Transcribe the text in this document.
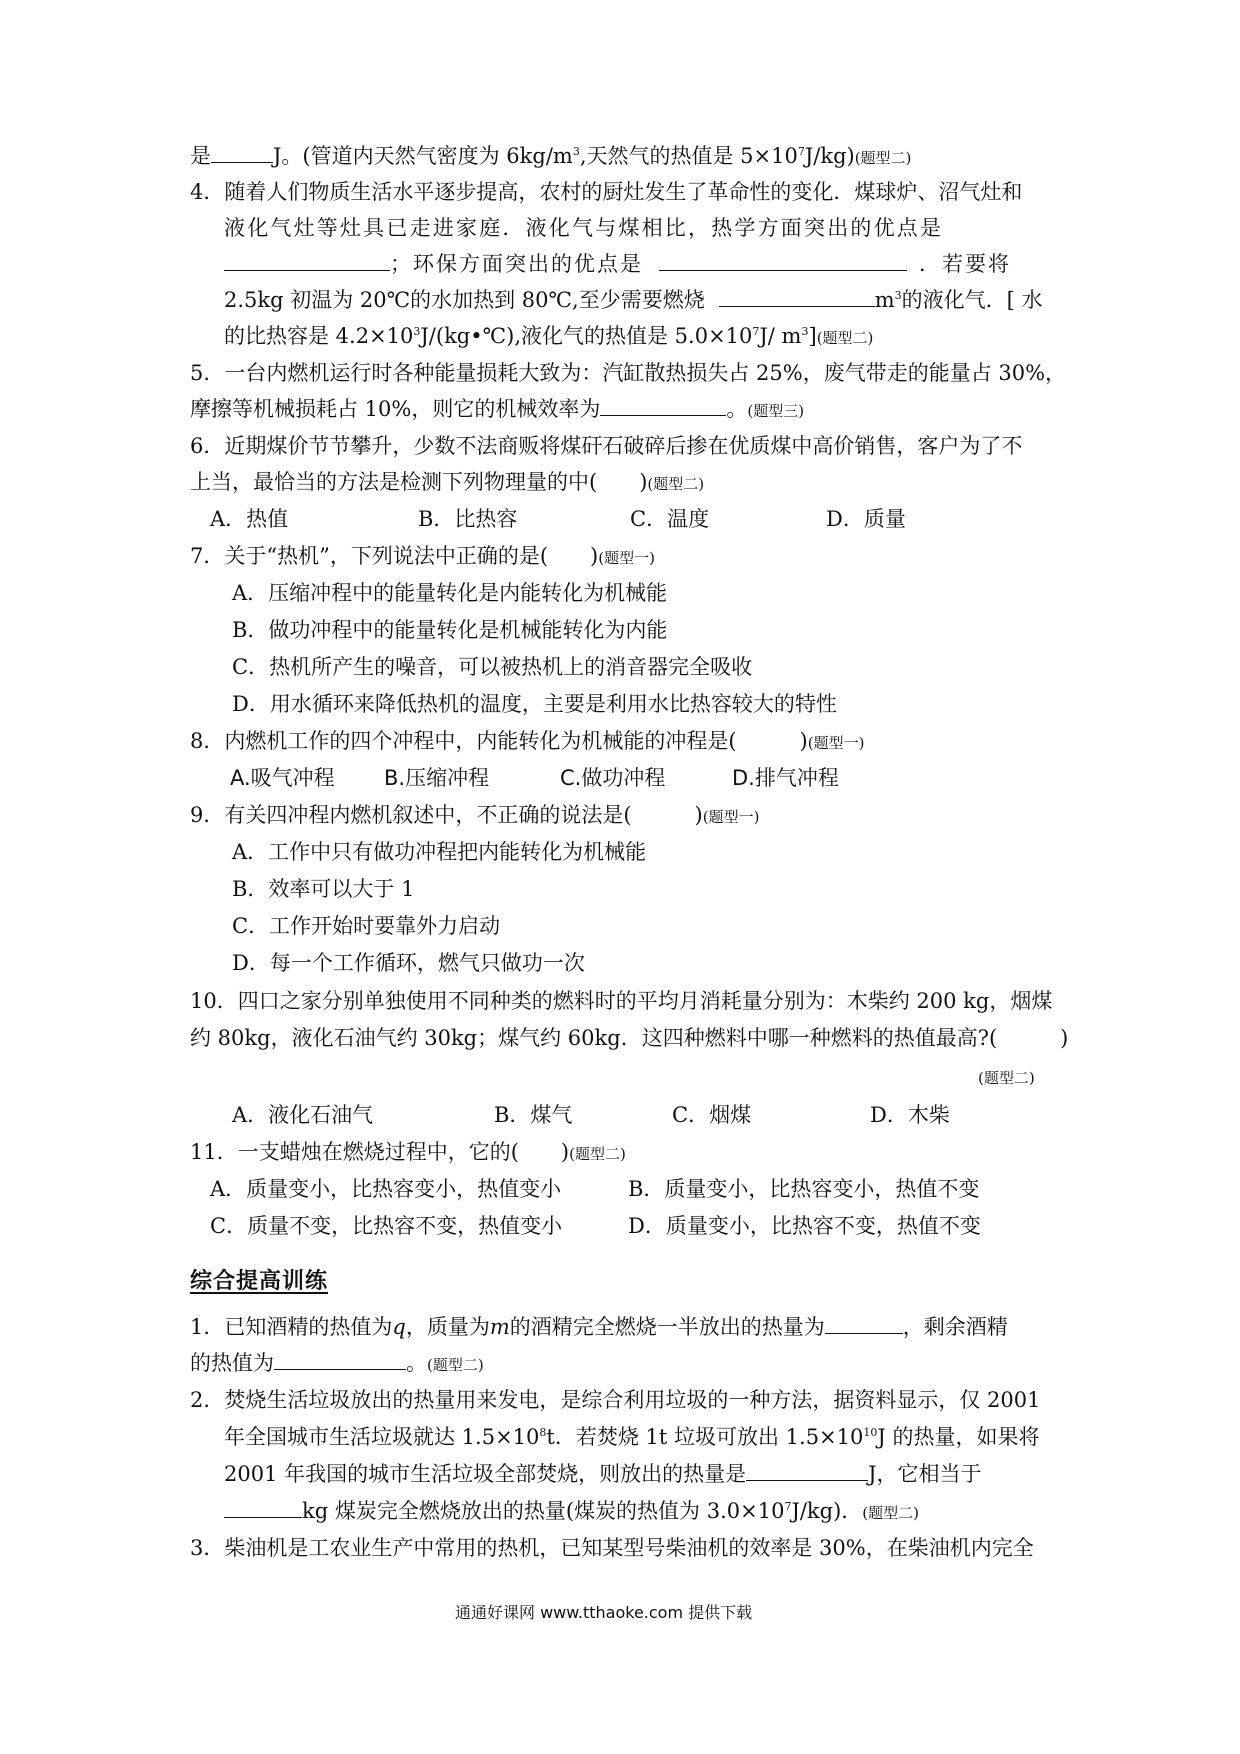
是	J。(管道内天然气密度为 $6kg/m^3$,天然气的热值是 $5\times 10^7J/kg$)(题型二)
4．随着人们物质生活水平逐步提高，农村的厨灶发生了革命性的变化．煤球炉、沼气灶和
液化气灶等灶具已走进家庭．液化气与煤相比，热学方面突出的优点是
；环保方面突出的优点是	．若要将
2.5kg 初温为 20℃的水加热到 80℃,至少需要燃烧	$m^3$的液化气．[ 水
的比热容是 $4.2\times 10^3J/(kg•℃)$,液化气的热值是 $5.0\times 10^7J/$ $m^3$](题型二)
5．一台内燃机运行时各种能量损耗大致为：汽缸散热损失占 25%，废气带走的能量占 30%，
摩擦等机械损耗占 10%，则它的机械效率为	。(题型三)
6．近期煤价节节攀升，少数不法商贩将煤矸石破碎后掺在优质煤中高价销售，客户为了不
上当，最恰当的方法是检测下列物理量的中(　　)(题型二)
A．热值	B．比热容	C．温度	D．质量
7．关于“热机”，下列说法中正确的是(　　)(题型一)
A．压缩冲程中的能量转化是内能转化为机械能
B．做功冲程中的能量转化是机械能转化为内能
C．热机所产生的噪音，可以被热机上的消音器完全吸收
D．用水循环来降低热机的温度，主要是利用水比热容较大的特性
8．内燃机工作的四个冲程中，内能转化为机械能的冲程是(　　　)(题型一)
A.吸气冲程 B.压缩冲程	C.做功冲程	D.排气冲程
9．有关四冲程内燃机叙述中，不正确的说法是(　　　)(题型一)
A．工作中只有做功冲程把内能转化为机械能
B．效率可以大于 1
C．工作开始时要靠外力启动
D．每一个工作循环，燃气只做功一次
10．四口之家分别单独使用不同种类的燃料时的平均月消耗量分别为：木柴约 200 kg，烟煤
约 80kg，液化石油气约 30kg；煤气约 60kg．这四种燃料中哪一种燃料的热值最高?(　　　)
(题型二)
A．液化石油气	B．煤气	C．烟煤	D．木柴
11．一支蜡烛在燃烧过程中，它的(　　)(题型二)
A．质量变小，比热容变小，热值变小	B．质量变小，比热容变小，热值不变
C．质量不变，比热容不变，热值变小	D．质量变小，比热容不变，热值不变
综合提高训练
1．已知酒精的热值为q，质量为m的酒精完全燃烧一半放出的热量为	，剩余酒精
的热值为	。(题型二)
2．焚烧生活垃圾放出的热量用来发电，是综合利用垃圾的一种方法，据资料显示，仅 2001
年全国城市生活垃圾就达 $1.5\times 10^8t$．若焚烧 1t 垃圾可放出 $1.5\times 10^{10}J$ 的热量，如果将
2001 年我国的城市生活垃圾全部焚烧，则放出的热量是	J，它相当于
kg 煤炭完全燃烧放出的热量(煤炭的热值为 $3.0\times 10^7J/kg$)．(题型二)
3．柴油机是工农业生产中常用的热机，已知某型号柴油机的效率是 30%，在柴油机内完全
通通好课网 www.tthaoke.com 提供下载
